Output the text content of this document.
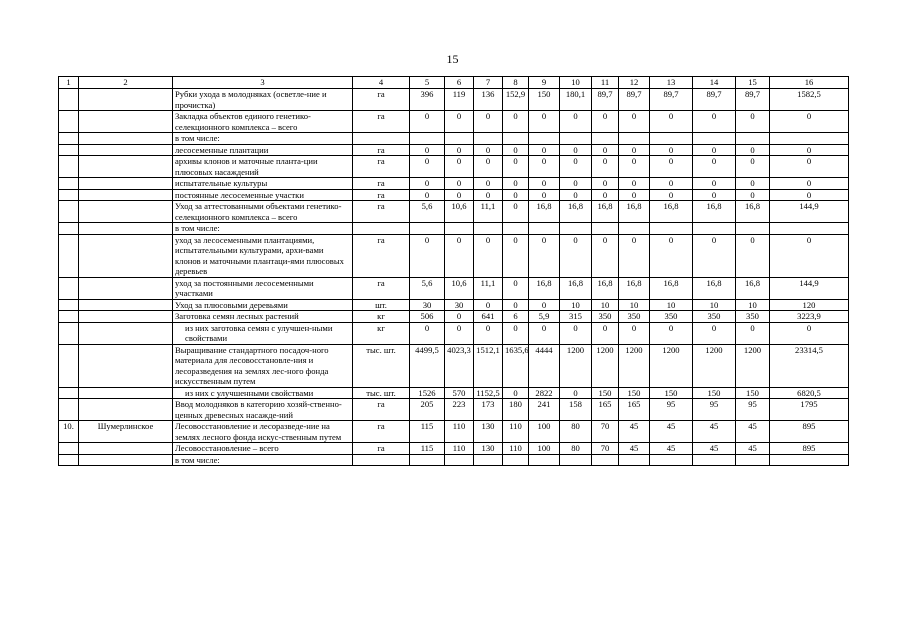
15
1	2	3	4	5	6	7	8	9	10	11	12	13	14	15	16
		Рубки ухода в молодняках (осветле-ние и прочистка)	га	396	119	136	152,9	150	180,1	89,7	89,7	89,7	89,7	89,7	1582,5
		Закладка объектов единого генетико-селекционного комплекса – всего	га	0	0	0	0	0	0	0	0	0	0	0	0
		в том числе:													
		лесосеменные плантации	га	0	0	0	0	0	0	0	0	0	0	0	0
		архивы клонов и маточные планта-ции плюсовых насаждений	га	0	0	0	0	0	0	0	0	0	0	0	0
		испытательные культуры	га	0	0	0	0	0	0	0	0	0	0	0	0
		постоянные лесосеменные участки	га	0	0	0	0	0	0	0	0	0	0	0	0
		Уход за аттестованными объектами генетико-селекционного комплекса – всего	га	5,6	10,6	11,1	0	16,8	16,8	16,8	16,8	16,8	16,8	16,8	144,9
		в том числе:													
		уход за лесосеменными плантациями, испытательными культурами, архи-вами клонов и маточными плантаци-ями плюсовых деревьев	га	0	0	0	0	0	0	0	0	0	0	0	0
		уход за постоянными лесосеменными участками	га	5,6	10,6	11,1	0	16,8	16,8	16,8	16,8	16,8	16,8	16,8	144,9
		Уход за плюсовыми деревьями	шт.	30	30	0	0	0	10	10	10	10	10	10	120
		Заготовка семян лесных растений	кг	506	0	641	6	5,9	315	350	350	350	350	350	3223,9
		из них заготовка семян с улучшен-ными свойствами	кг	0	0	0	0	0	0	0	0	0	0	0	0
		Выращивание стандартного посадоч-ного материала для лесовосстановле-ния и лесоразведения на землях лес-ного фонда искусственным путем	тыс. шт.	4499,5	4023,3	1512,1	1635,6	4444	1200	1200	1200	1200	1200	1200	23314,5
		из них с улучшенными свойствами	тыс. шт.	1526	570	1152,5	0	2822	0	150	150	150	150	150	6820,5
		Ввод молодняков в категорию хозяй-ственно-ценных древесных насажде-ний	га	205	223	173	180	241	158	165	165	95	95	95	1795
10.	Шумерлинское	Лесовосстановление и лесоразведе-ние на землях лесного фонда искус-ственным путем	га	115	110	130	110	100	80	70	45	45	45	45	895
		Лесовосстановление – всего	га	115	110	130	110	100	80	70	45	45	45	45	895
		в том числе:													
